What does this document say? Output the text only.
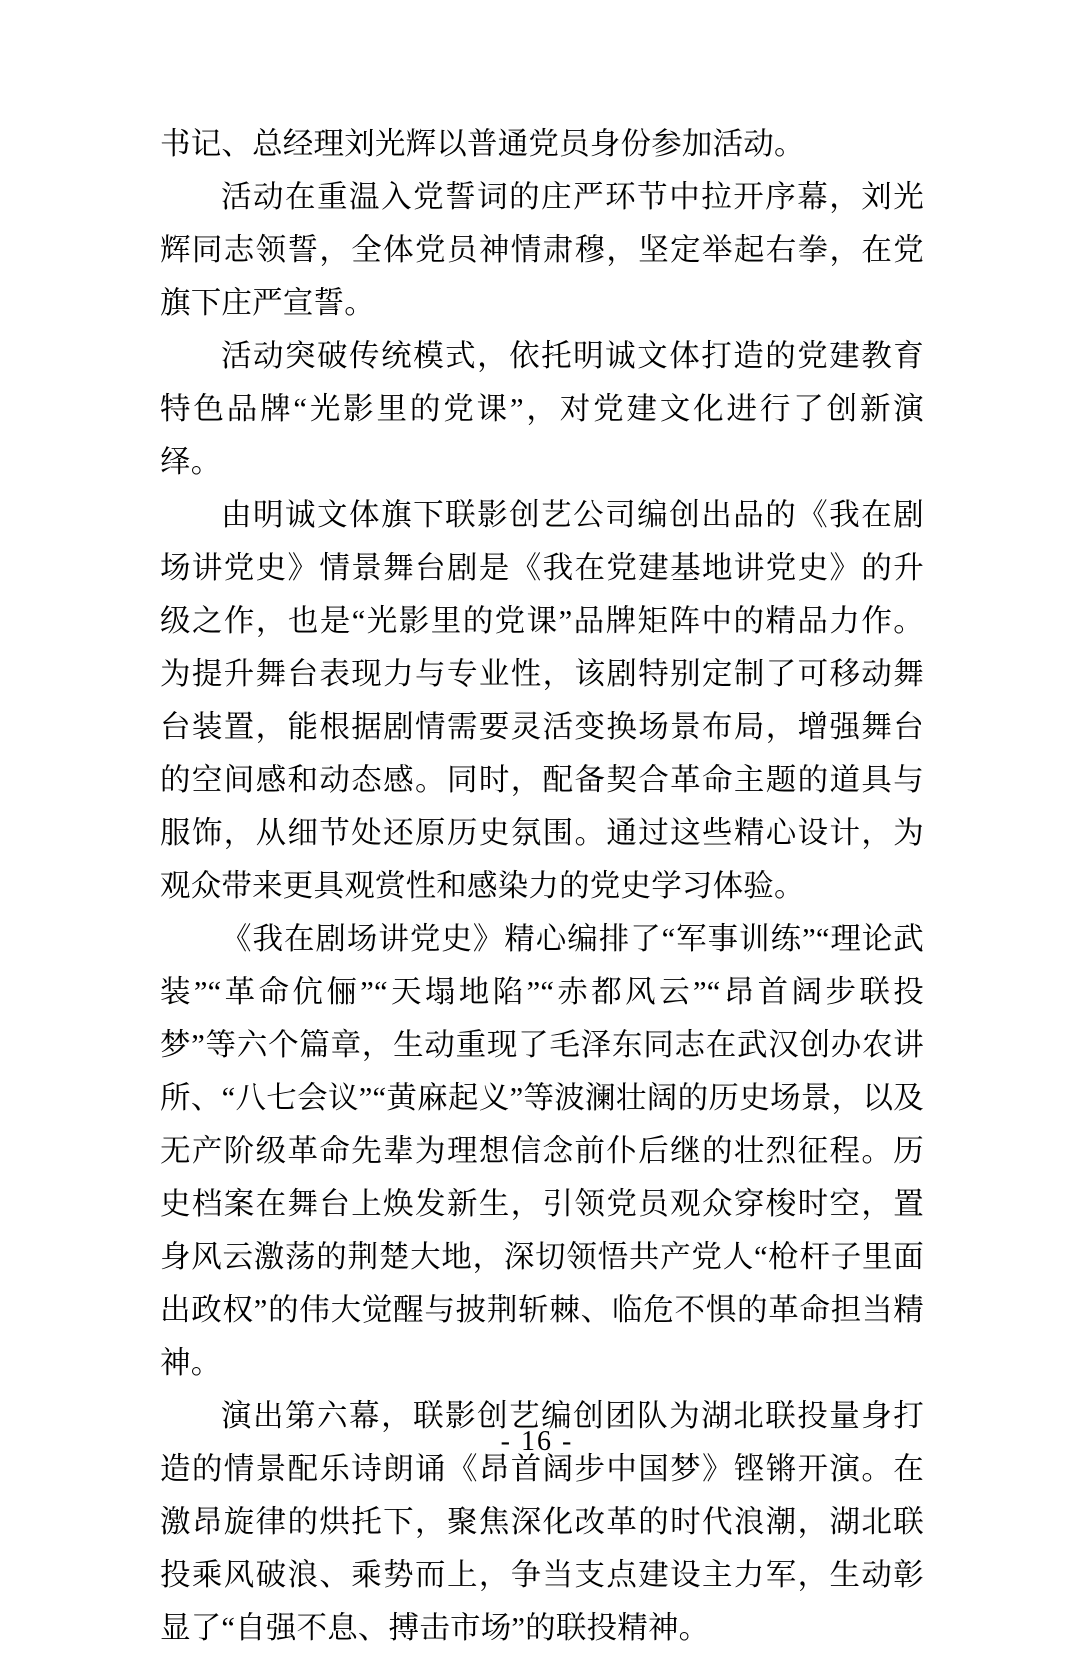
书记、总经理刘光辉以普通党员身份参加活动。

活动在重温入党誓词的庄严环节中拉开序幕，刘光辉同志领誓，全体党员神情肃穆，坚定举起右拳，在党旗下庄严宣誓。

活动突破传统模式，依托明诚文体打造的党建教育特色品牌“光影里的党课”，对党建文化进行了创新演绎。

由明诚文体旗下联影创艺公司编创出品的《我在剧场讲党史》情景舞台剧是《我在党建基地讲党史》的升级之作，也是“光影里的党课”品牌矩阵中的精品力作。为提升舞台表现力与专业性，该剧特别定制了可移动舞台装置，能根据剧情需要灵活变换场景布局，增强舞台的空间感和动态感。同时，配备契合革命主题的道具与服饰，从细节处还原历史氛围。通过这些精心设计，为观众带来更具观赏性和感染力的党史学习体验。

《我在剧场讲党史》精心编排了“军事训练”“理论武装”“革命伉俪”“天塌地陷”“赤都风云”“昂首阔步联投梦”等六个篇章，生动重现了毛泽东同志在武汉创办农讲所、“八七会议”“黄麻起义”等波澜壮阔的历史场景，以及无产阶级革命先辈为理想信念前仆后继的壮烈征程。历史档案在舞台上焕发新生，引领党员观众穿梭时空，置身风云激荡的荆楚大地，深切领悟共产党人“枪杆子里面出政权”的伟大觉醒与披荆斩棘、临危不惧的革命担当精神。

演出第六幕，联影创艺编创团队为湖北联投量身打造的情景配乐诗朗诵《昂首阔步中国梦》铿锵开演。在激昂旋律的烘托下，聚焦深化改革的时代浪潮，湖北联投乘风破浪、乘势而上，争当支点建设主力军，生动彰显了“自强不息、搏击市场”的联投精神。

- 16 -
